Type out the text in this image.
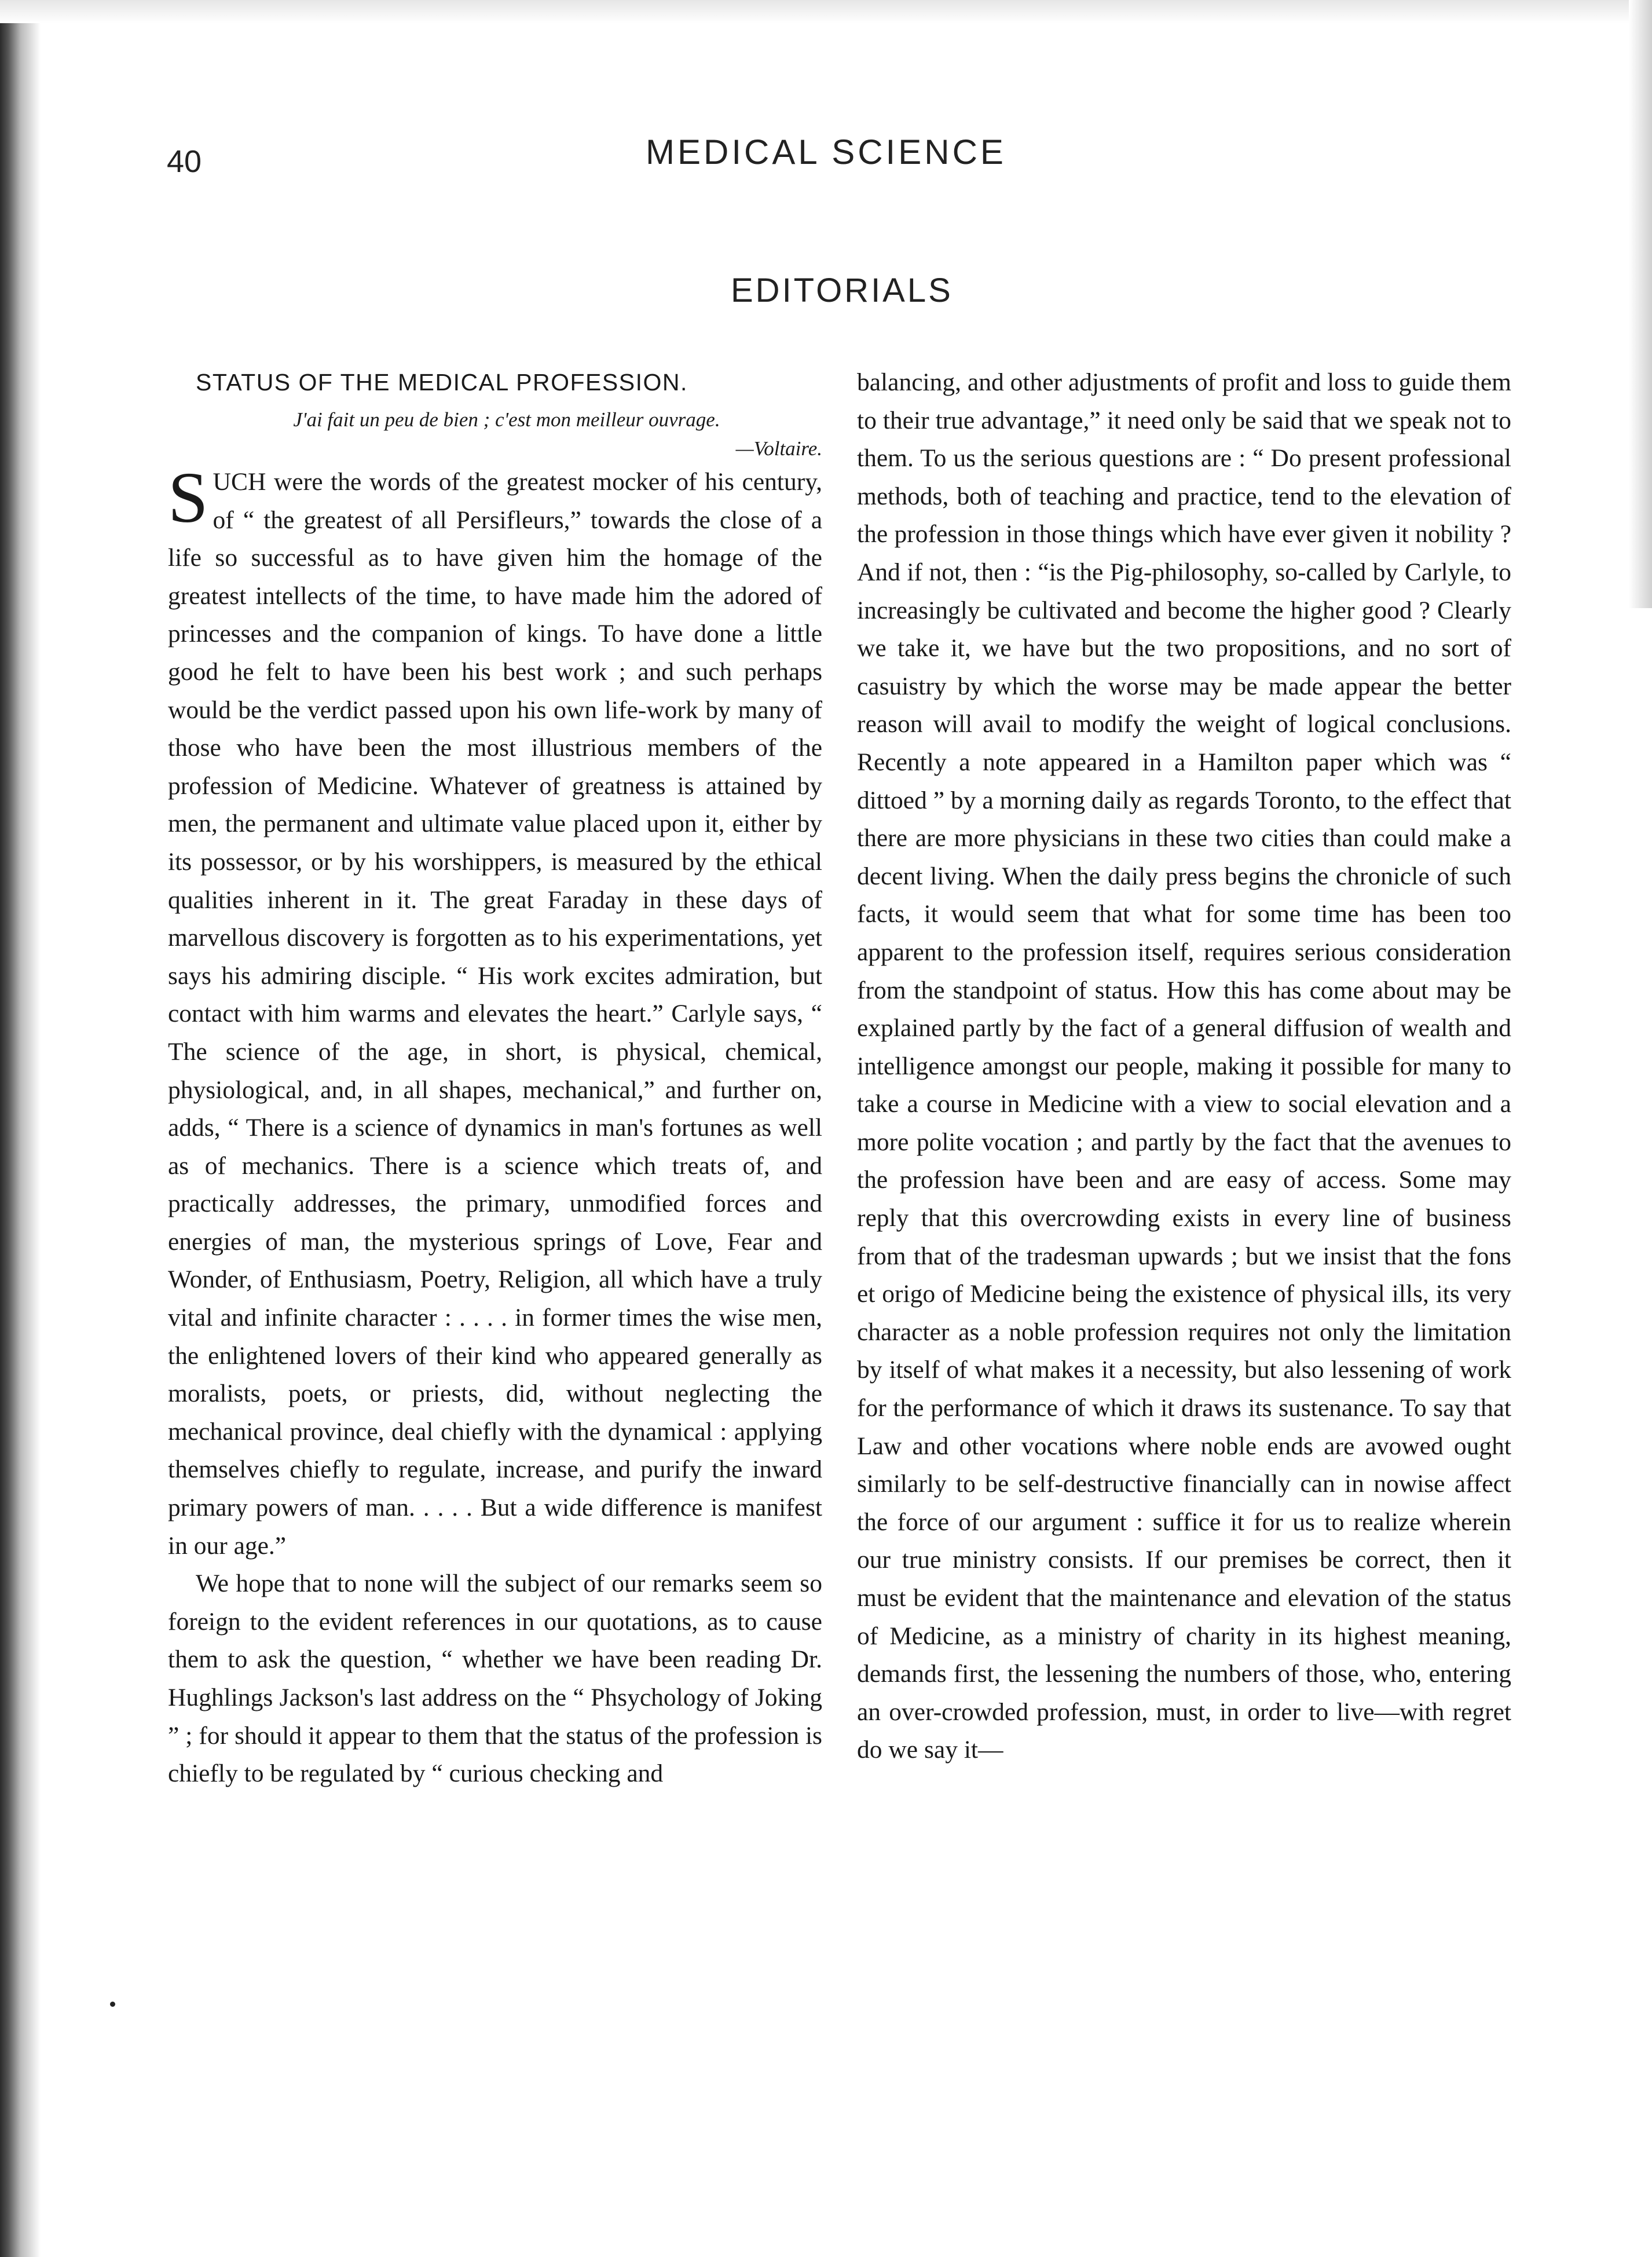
40	MEDICAL SCIENCE
EDITORIALS
STATUS OF THE MEDICAL PROFESSION.

J'ai fait un peu de bien ; c'est mon meilleur ouvrage.

—Voltaire.

SUCH were the words of the greatest mocker of his century, of “ the greatest of all Persifleurs,” towards the close of a life so successful as to have given him the homage of the greatest intellects of the time, to have made him the adored of princesses and the companion of kings. To have done a little good he felt to have been his best work ; and such perhaps would be the verdict passed upon his own life-work by many of those who have been the most illustrious members of the profession of Medicine. Whatever of greatness is attained by men, the permanent and ultimate value placed upon it, either by its possessor, or by his worshippers, is measured by the ethical qualities inherent in it. The great Faraday in these days of marvellous discovery is forgotten as to his experimentations, yet says his admiring disciple. “ His work excites admiration, but contact with him warms and elevates the heart.” Carlyle says, “ The science of the age, in short, is physical, chemical, physiological, and, in all shapes, mechanical,” and further on, adds, “ There is a science of dynamics in man's fortunes as well as of mechanics. There is a science which treats of, and practically addresses, the primary, unmodified forces and energies of man, the mysterious springs of Love, Fear and Wonder, of Enthusiasm, Poetry, Religion, all which have a truly vital and infinite character : . . . . in former times the wise men, the enlightened lovers of their kind who appeared generally as moralists, poets, or priests, did, without neglecting the mechanical province, deal chiefly with the dynamical : applying themselves chiefly to regulate, increase, and purify the inward primary powers of man. . . . . But a wide difference is manifest in our age.”

We hope that to none will the subject of our remarks seem so foreign to the evident references in our quotations, as to cause them to ask the question, “ whether we have been reading Dr. Hughlings Jackson's last address on the “ Phsychology of Joking ” ; for should it appear to them that the status of the profession is chiefly to be regulated by “ curious checking and

balancing, and other adjustments of profit and loss to guide them to their true advantage,” it need only be said that we speak not to them. To us the serious questions are : “ Do present professional methods, both of teaching and practice, tend to the elevation of the profession in those things which have ever given it nobility ? And if not, then : “is the Pig-philosophy, so-called by Carlyle, to increasingly be cultivated and become the higher good ? Clearly we take it, we have but the two propositions, and no sort of casuistry by which the worse may be made appear the better reason will avail to modify the weight of logical conclusions. Recently a note appeared in a Hamilton paper which was “ dittoed ” by a morning daily as regards Toronto, to the effect that there are more physicians in these two cities than could make a decent living. When the daily press begins the chronicle of such facts, it would seem that what for some time has been too apparent to the profession itself, requires serious consideration from the standpoint of status. How this has come about may be explained partly by the fact of a general diffusion of wealth and intelligence amongst our people, making it possible for many to take a course in Medicine with a view to social elevation and a more polite vocation ; and partly by the fact that the avenues to the profession have been and are easy of access. Some may reply that this overcrowding exists in every line of business from that of the tradesman upwards ; but we insist that the fons et origo of Medicine being the existence of physical ills, its very character as a noble profession requires not only the limitation by itself of what makes it a necessity, but also lessening of work for the performance of which it draws its sustenance. To say that Law and other vocations where noble ends are avowed ought similarly to be self-destructive financially can in nowise affect the force of our argument : suffice it for us to realize wherein our true ministry consists. If our premises be correct, then it must be evident that the maintenance and elevation of the status of Medicine, as a ministry of charity in its highest meaning, demands first, the lessening the numbers of those, who, entering an over-crowded profession, must, in order to live—with regret do we say it—
